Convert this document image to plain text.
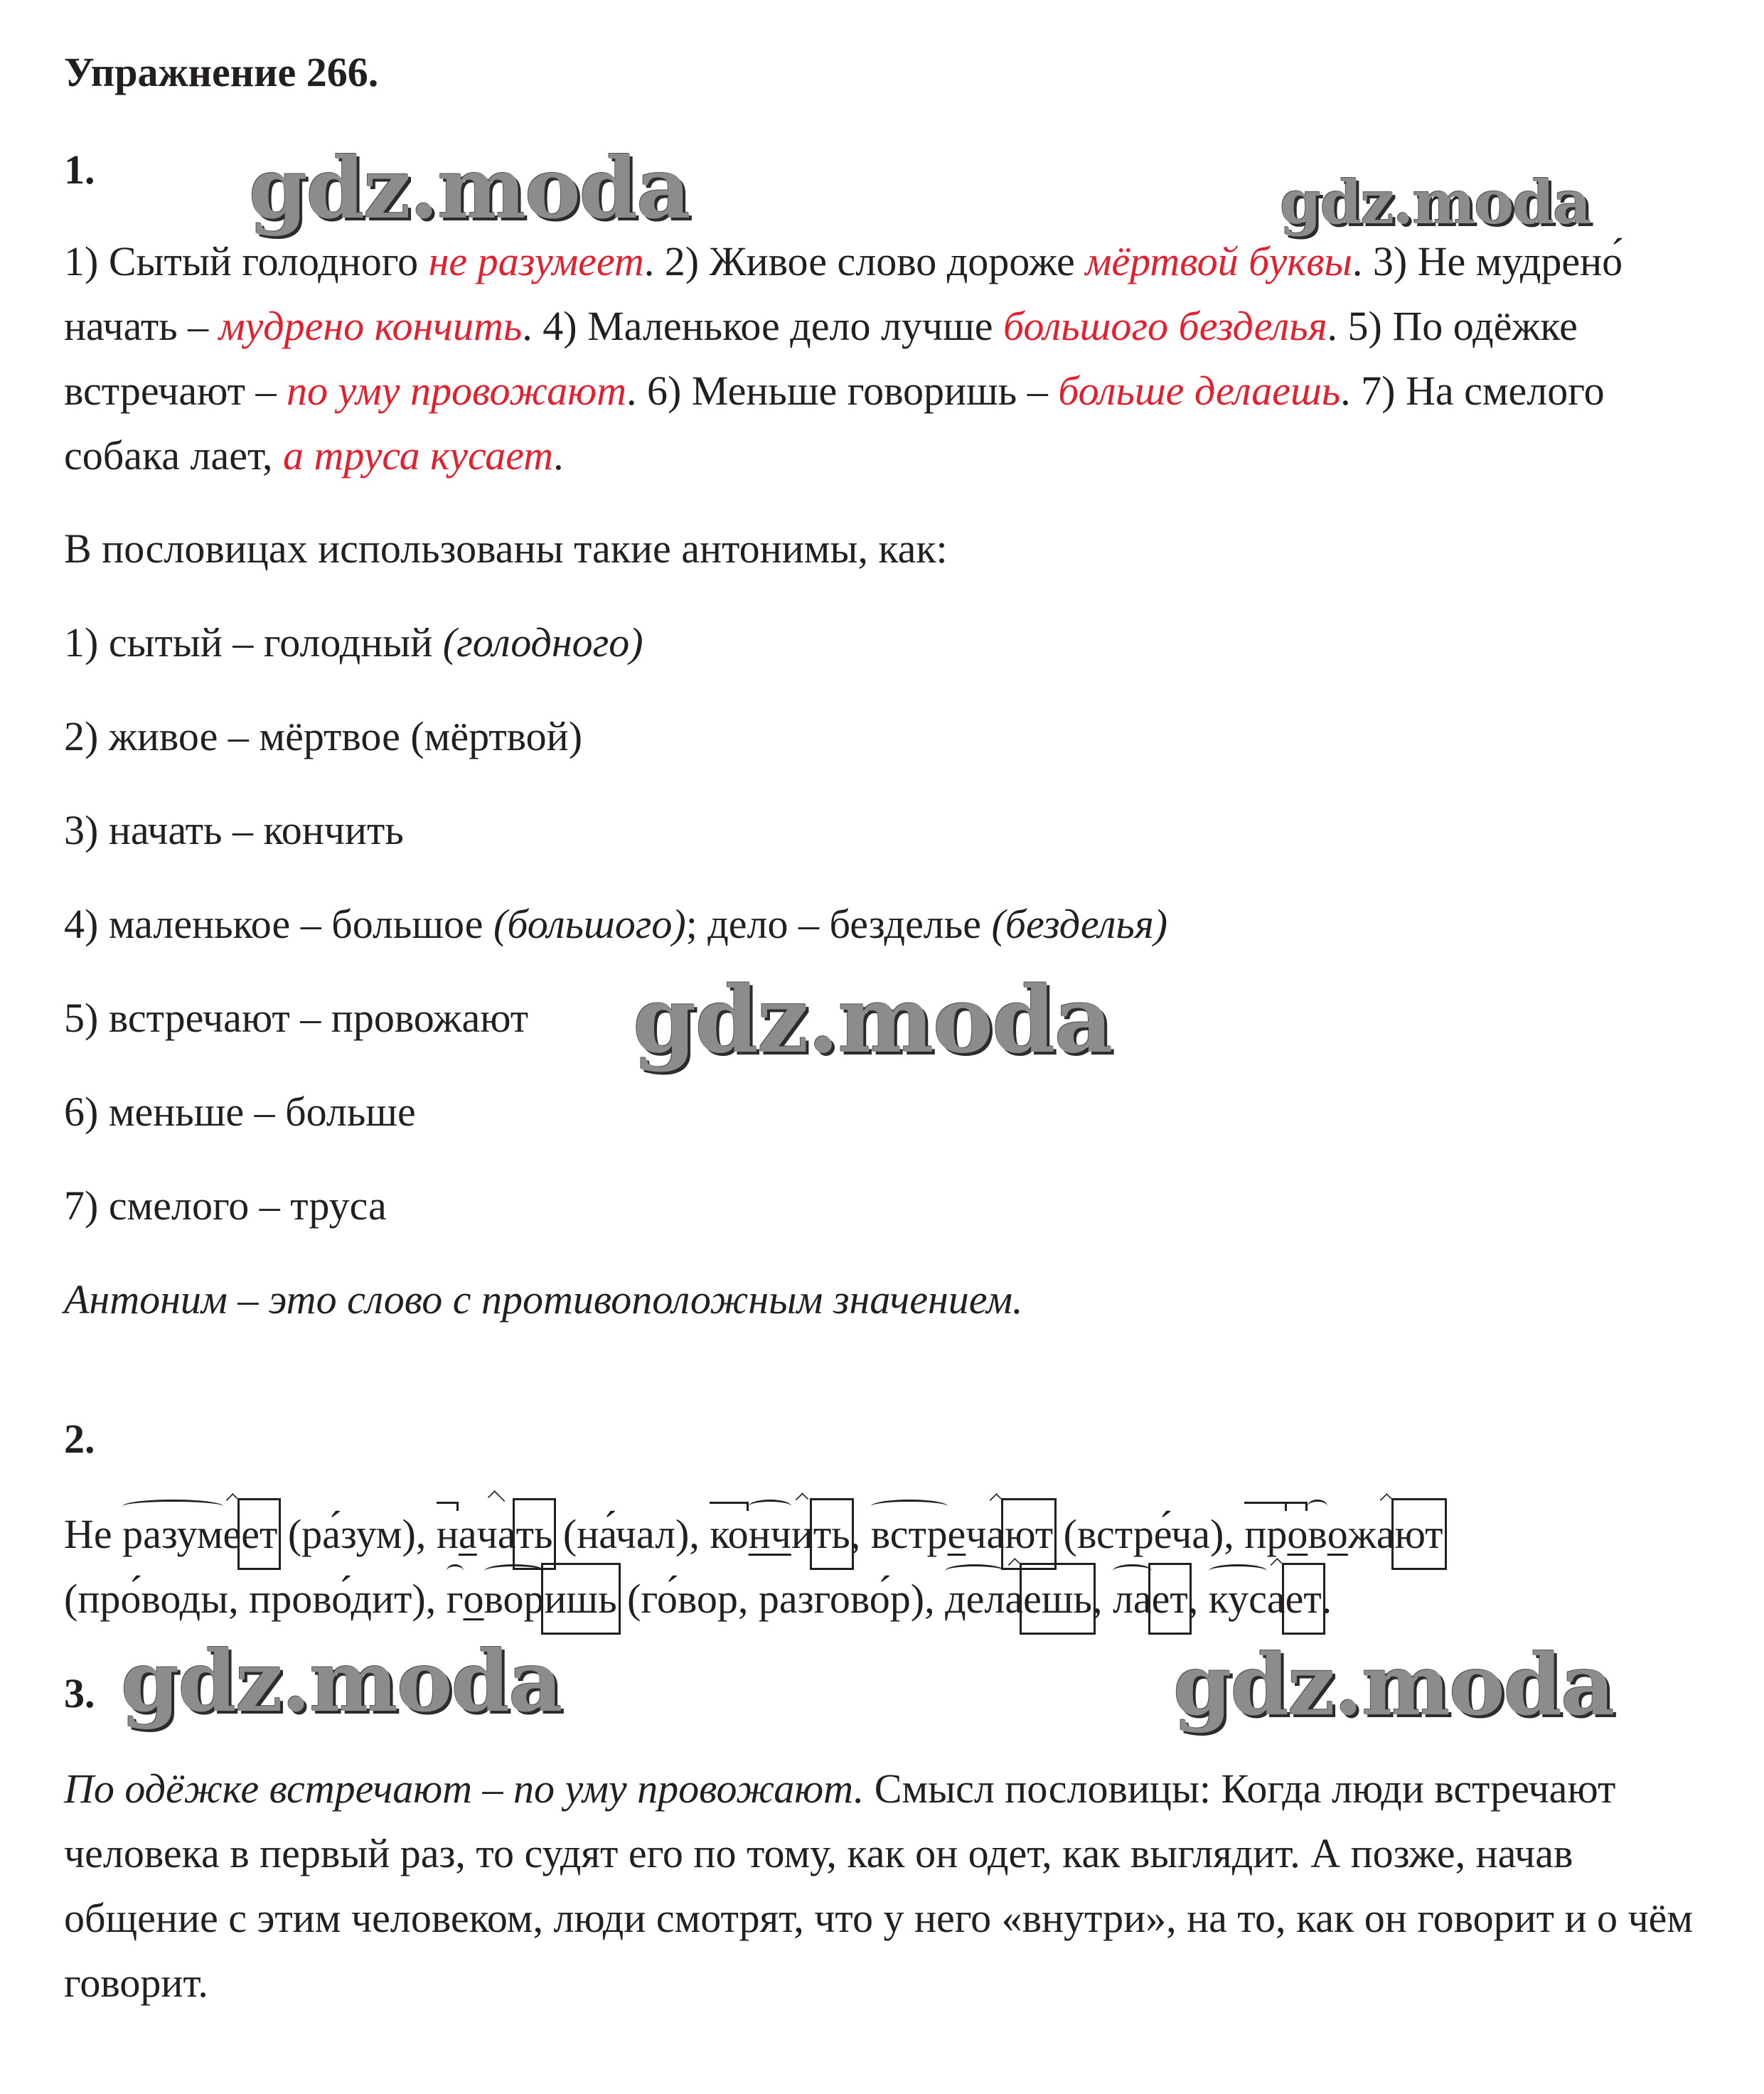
Упражнение 266.
1.

1) Сытый голодного не разумеет. 2) Живое слово дороже мёртвой буквы. 3) Не мудрено́ начать – мудрено кончить. 4) Маленькое дело лучше большого безделья. 5) По одёжке встречают – по уму провожают. 6) Меньше говоришь – больше делаешь. 7) На смелого собака лает, а труса кусает.

В пословицах использованы такие антонимы, как:
1) сытый – голодный (голодного)
2) живое – мёртвое (мёртвой)
3) начать – кончить
4) маленькое – большое (большого); дело – безделье (безделья)
5) встречают – провожают
6) меньше – больше
7) смелого – труса
Антоним – это слово с противоположным значением.
2.

Не разумеет (ра́зум), начать (на́чал), кончить, встречают (встре́ча), провожают
(про́воды, прово́дит), говоришь (го́вор, разгово́р), делаешь, лает, кусает.

3.

По одёжке встречают – по уму провожают. Смысл пословицы: Когда люди встречают человека в первый раз, то судят его по тому, как он одет, как выглядит. А позже, начав общение с этим человеком, люди смотрят, что у него «внутри», на то, как он говорит и о чём говорит.

gdz.moda	gdz.moda
gdz.moda
gdz.moda	gdz.moda
